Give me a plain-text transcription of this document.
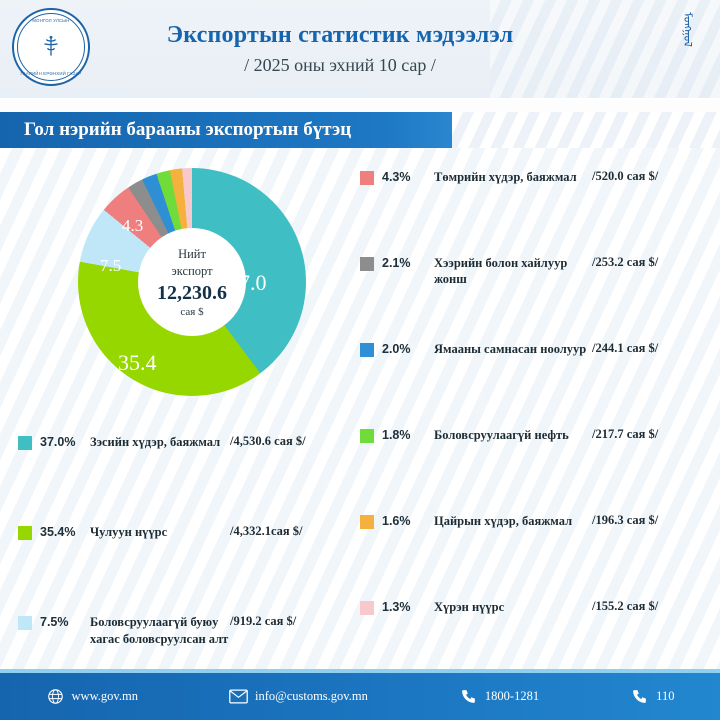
МОНГОЛ УЛСЫН
ГААЛИЙН ЕРӨНХИЙ ГАЗАР
Экспортын статистик мэдээлэл
/ 2025 оны эхний 10 сар /
ᠮᠣᠩᠭᠣᠯ
Гол нэрийн барааны экспортын бүтэц
Нийт
экспорт
12,230.6
сая $
37.0
35.4
7.5
4.3
4.3%	Төмрийн хүдэр, баяжмал	/520.0 сая $/
2.1%	Хээрийн болон хайлуур жонш
/253.2 сая $/
2.0%	Ямааны самнасан ноолуур /244.1 сая $/
1.8%	Боловсруулаагүй нефть	/217.7 сая $/
1.6%	Цайрын хүдэр, баяжмал	/196.3 сая $/
1.3%	Хүрэн нүүрс	/155.2 сая $/
37.0%	Зэсийн хүдэр, баяжмал /4,530.6 сая $/
35.4%	Чулуун нүүрс	/4,332.1сая $/
7.5%	Боловсруулаагүй буюу хагас боловсруулсан алт
/919.2 сая $/
www.gov.mn	info@customs.gov.mn	1800-1281	110
